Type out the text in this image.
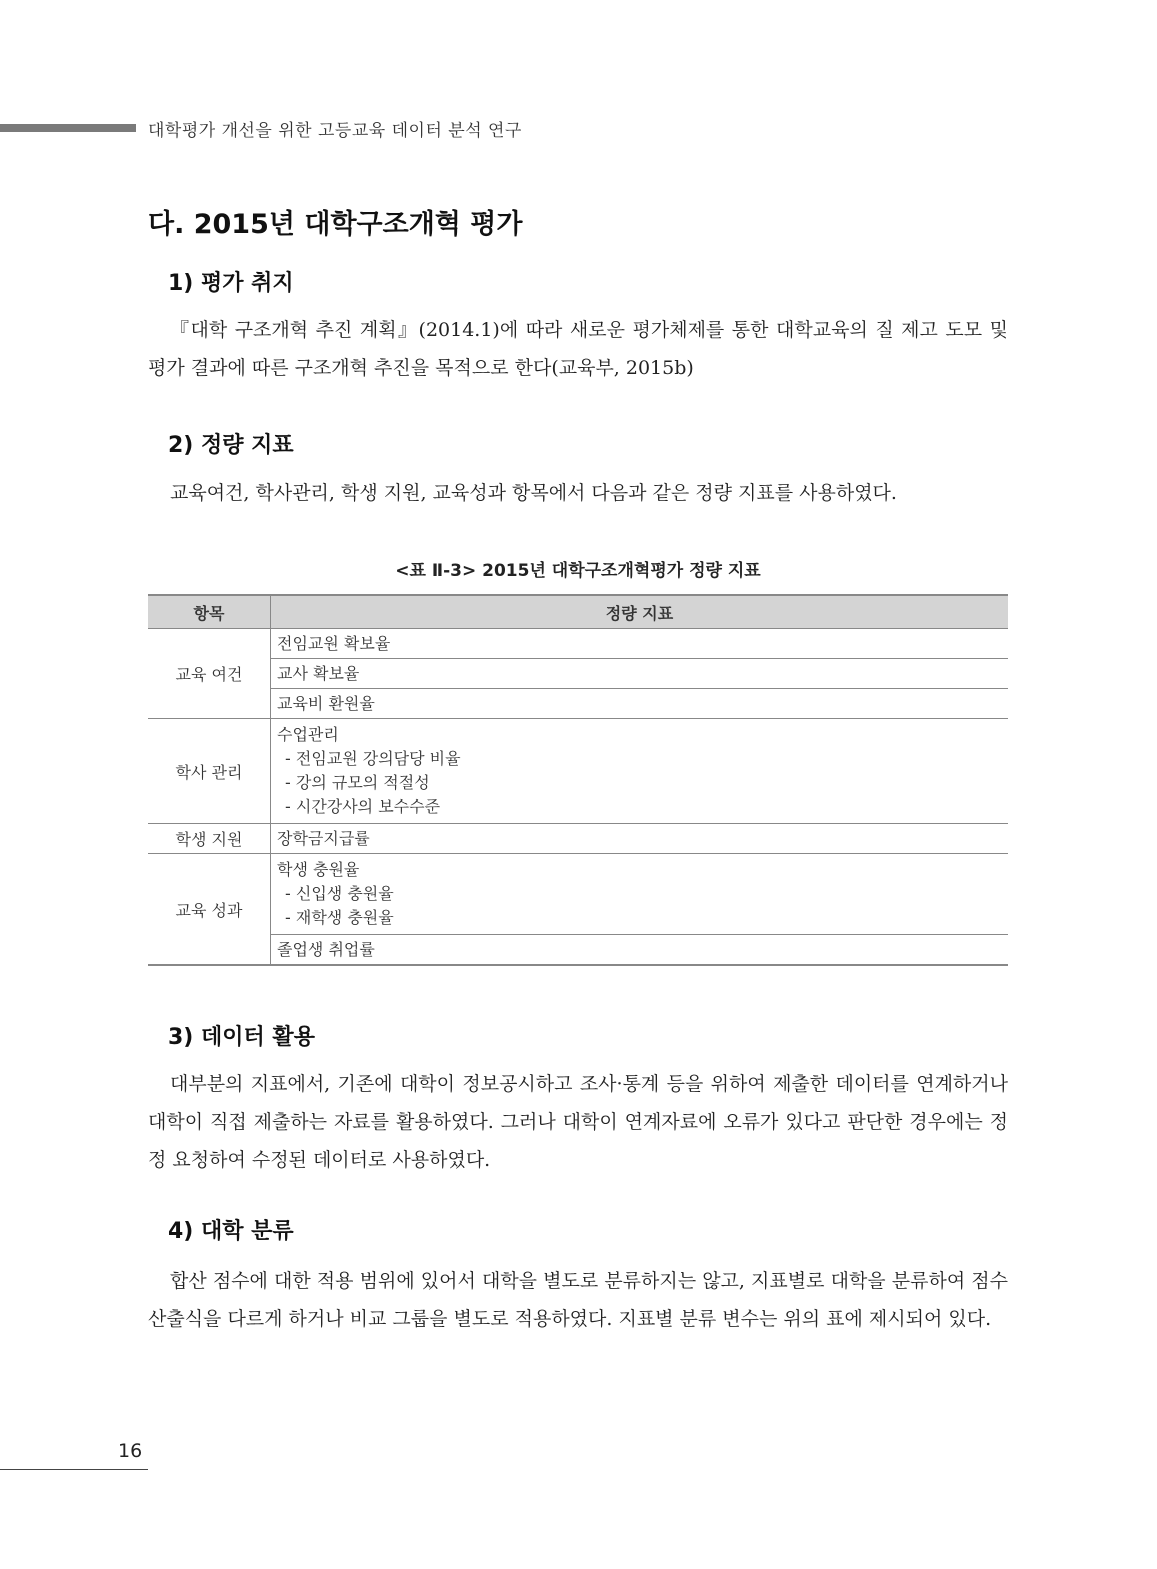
대학평가 개선을 위한 고등교육 데이터 분석 연구
다. 2015년 대학구조개혁 평가
1) 평가 취지
『대학 구조개혁 추진 계획』(2014.1)에 따라 새로운 평가체제를 통한 대학교육의 질 제고 도모 및 평가 결과에 따른 구조개혁 추진을 목적으로 한다(교육부, 2015b)
2) 정량 지표
교육여건, 학사관리, 학생 지원, 교육성과 항목에서 다음과 같은 정량 지표를 사용하였다.
<표 Ⅱ-3> 2015년 대학구조개혁평가 정량 지표
항목	정량 지표
교육 여건	전임교원 확보율
	교사 확보율
	교육비 환원율
학사 관리	수업관리
- 전임교원 강의담당 비율
- 강의 규모의 적절성
- 시간강사의 보수수준

학생 지원	장학금지급률
교육 성과	학생 충원율
- 신입생 충원율
- 재학생 충원율

	졸업생 취업률
3) 데이터 활용
대부분의 지표에서, 기존에 대학이 정보공시하고 조사·통계 등을 위하여 제출한 데이터를 연계하거나 대학이 직접 제출하는 자료를 활용하였다. 그러나 대학이 연계자료에 오류가 있다고 판단한 경우에는 정정 요청하여 수정된 데이터로 사용하였다.
4) 대학 분류
합산 점수에 대한 적용 범위에 있어서 대학을 별도로 분류하지는 않고, 지표별로 대학을 분류하여 점수 산출식을 다르게 하거나 비교 그룹을 별도로 적용하였다. 지표별 분류 변수는 위의 표에 제시되어 있다.
16
